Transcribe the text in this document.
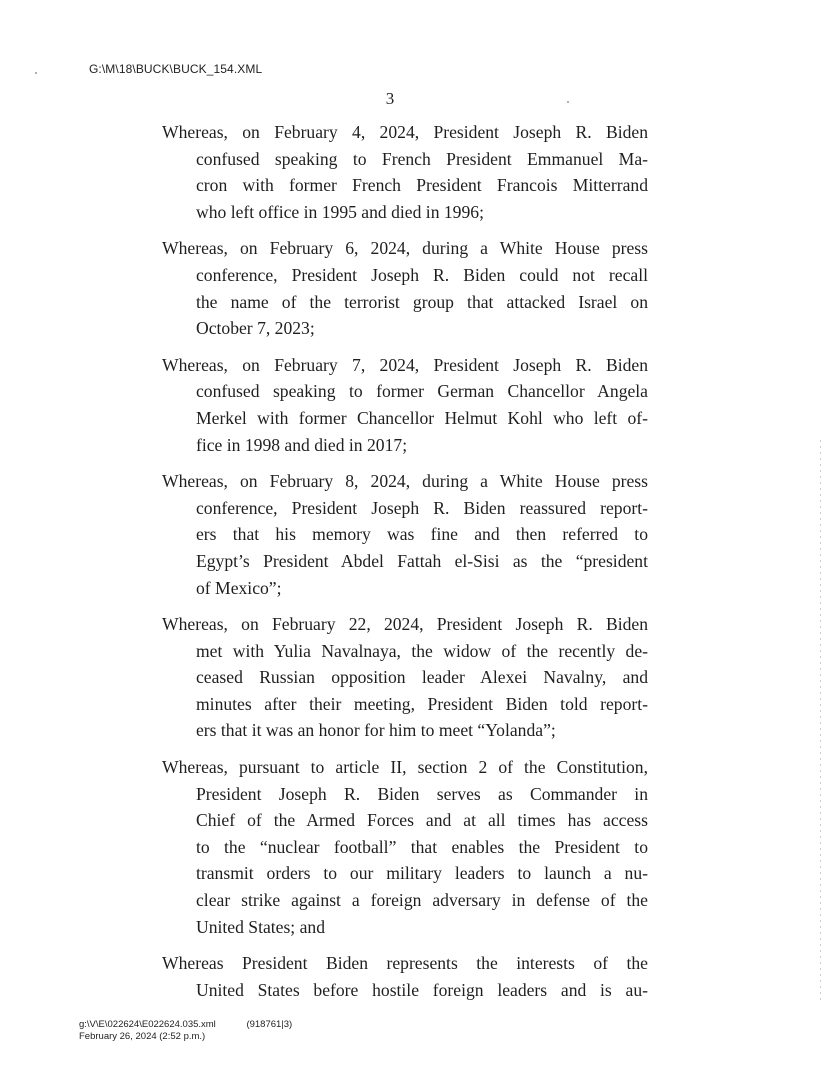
G:\M\18\BUCK\BUCK_154.XML
3

Whereas, on February 4, 2024, President Joseph R. Biden
confused speaking to French President Emmanuel Ma-
cron with former French President Francois Mitterrand
who left office in 1995 and died in 1996;

Whereas, on February 6, 2024, during a White House press
conference, President Joseph R. Biden could not recall
the name of the terrorist group that attacked Israel on
October 7, 2023;

Whereas, on February 7, 2024, President Joseph R. Biden
confused speaking to former German Chancellor Angela
Merkel with former Chancellor Helmut Kohl who left of-
fice in 1998 and died in 2017;

Whereas, on February 8, 2024, during a White House press
conference, President Joseph R. Biden reassured report-
ers that his memory was fine and then referred to
Egypt’s President Abdel Fattah el-Sisi as the “president
of Mexico”;

Whereas, on February 22, 2024, President Joseph R. Biden
met with Yulia Navalnaya, the widow of the recently de-
ceased Russian opposition leader Alexei Navalny, and
minutes after their meeting, President Biden told report-
ers that it was an honor for him to meet “Yolanda”;

Whereas, pursuant to article II, section 2 of the Constitution,
President Joseph R. Biden serves as Commander in
Chief of the Armed Forces and at all times has access
to the “nuclear football” that enables the President to
transmit orders to our military leaders to launch a nu-
clear strike against a foreign adversary in defense of the
United States; and

Whereas President Biden represents the interests of the
United States before hostile foreign leaders and is au-

g:\V\E\022624\E022624.035.xml	(918761|3)
February 26, 2024 (2:52 p.m.)
